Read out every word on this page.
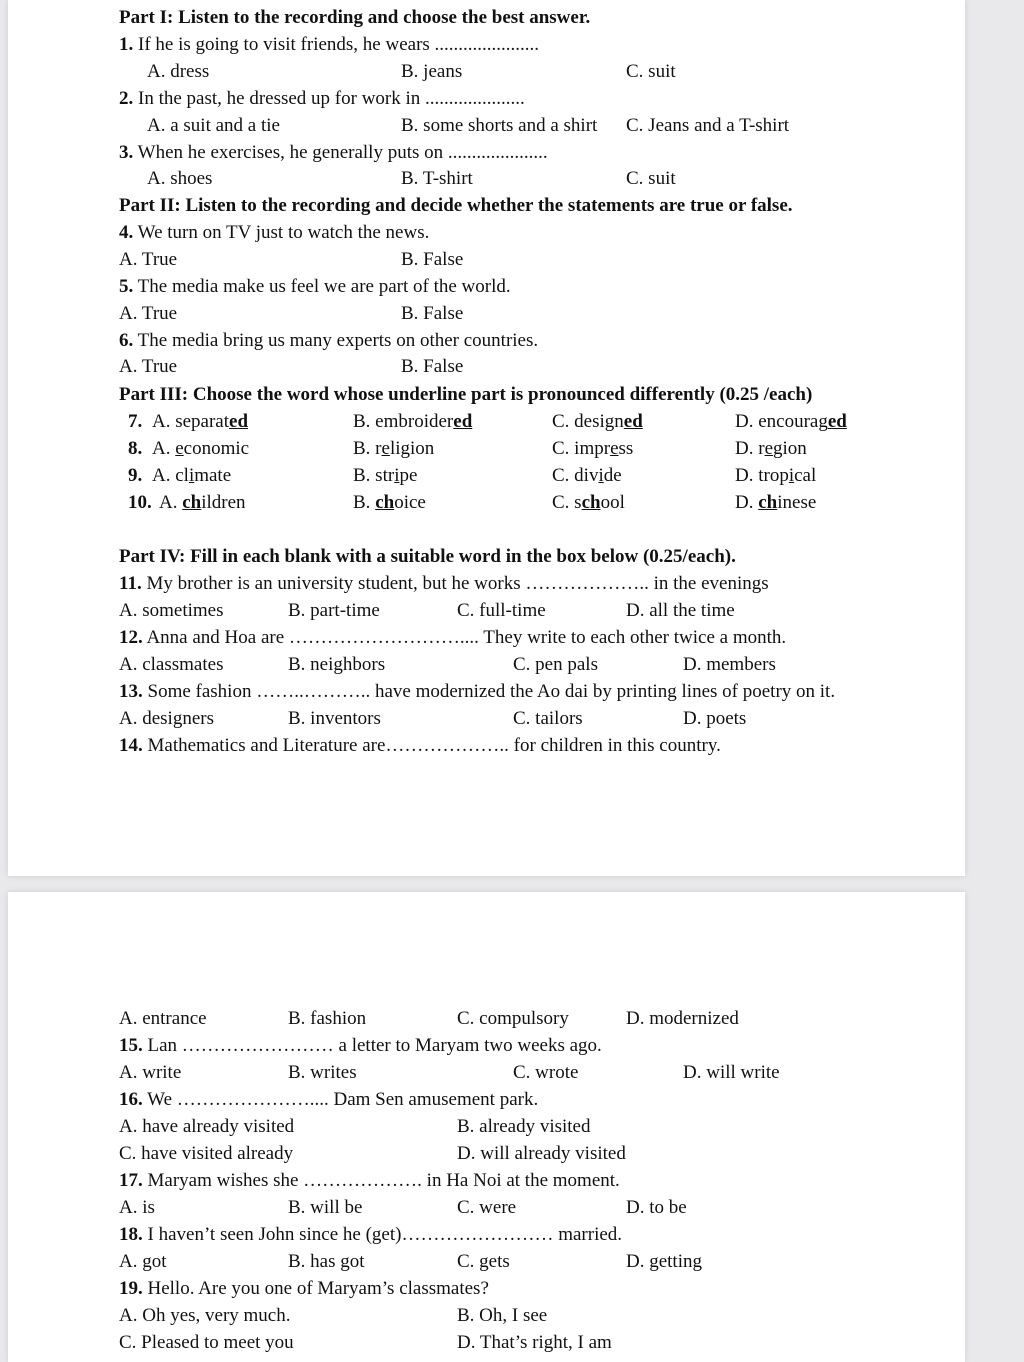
Part I: Listen to the recording and choose the best answer.
1. If he is going to visit friends, he wears ......................
A. dress	B. jeans	C. suit
2. In the past, he dressed up for work in .....................
A. a suit and a tie	B. some shorts and a shirt C. Jeans and a T-shirt
3. When he exercises, he generally puts on .....................
A. shoes	B. T-shirt	C. suit
Part II: Listen to the recording and decide whether the statements are true or false.
4. We turn on TV just to watch the news.
A. True	B. False
5. The media make us feel we are part of the world.
A. True	B. False
6. The media bring us many experts on other countries.
A. True	B. False
Part III: Choose the word whose underline part is pronounced differently (0.25 /each)
7. A. separated	B. embroidered	C. designed	D. encouraged
8. A. economic	B. religion	C. impress	D. region
9. A. climate	B. stripe	C. divide	D. tropical
10. A. children	B. choice	C. school	D. chinese
Part IV: Fill in each blank with a suitable word in the box below (0.25/each).
11. My brother is an university student, but he works ……………….. in the evenings
A. sometimes	B. part-time	C. full-time	D. all the time
12. Anna and Hoa are ……………………….... They write to each other twice a month.
A. classmates	B. neighbors	C. pen pals	D. members
13. Some fashion ……..……….. have modernized the Ao dai by printing lines of poetry on it.
A. designers	B. inventors	C. tailors	D. poets
14. Mathematics and Literature are……………….. for children in this country.
A. entrance	B. fashion	C. compulsory	D. modernized
15. Lan …………………… a letter to Maryam two weeks ago.
A. write	B. writes	C. wrote	D. will write
16. We ………………….... Dam Sen amusement park.
A. have already visited	B. already visited
C. have visited already	D. will already visited
17. Maryam wishes she ………………. in Ha Noi at the moment.
A. is	B. will be	C. were	D. to be
18. I haven’t seen John since he (get)…………………… married.
A. got	B. has got	C. gets	D. getting
19. Hello. Are you one of Maryam’s classmates?
A. Oh yes, very much.	B. Oh, I see
C. Pleased to meet you	D. That’s right, I am
